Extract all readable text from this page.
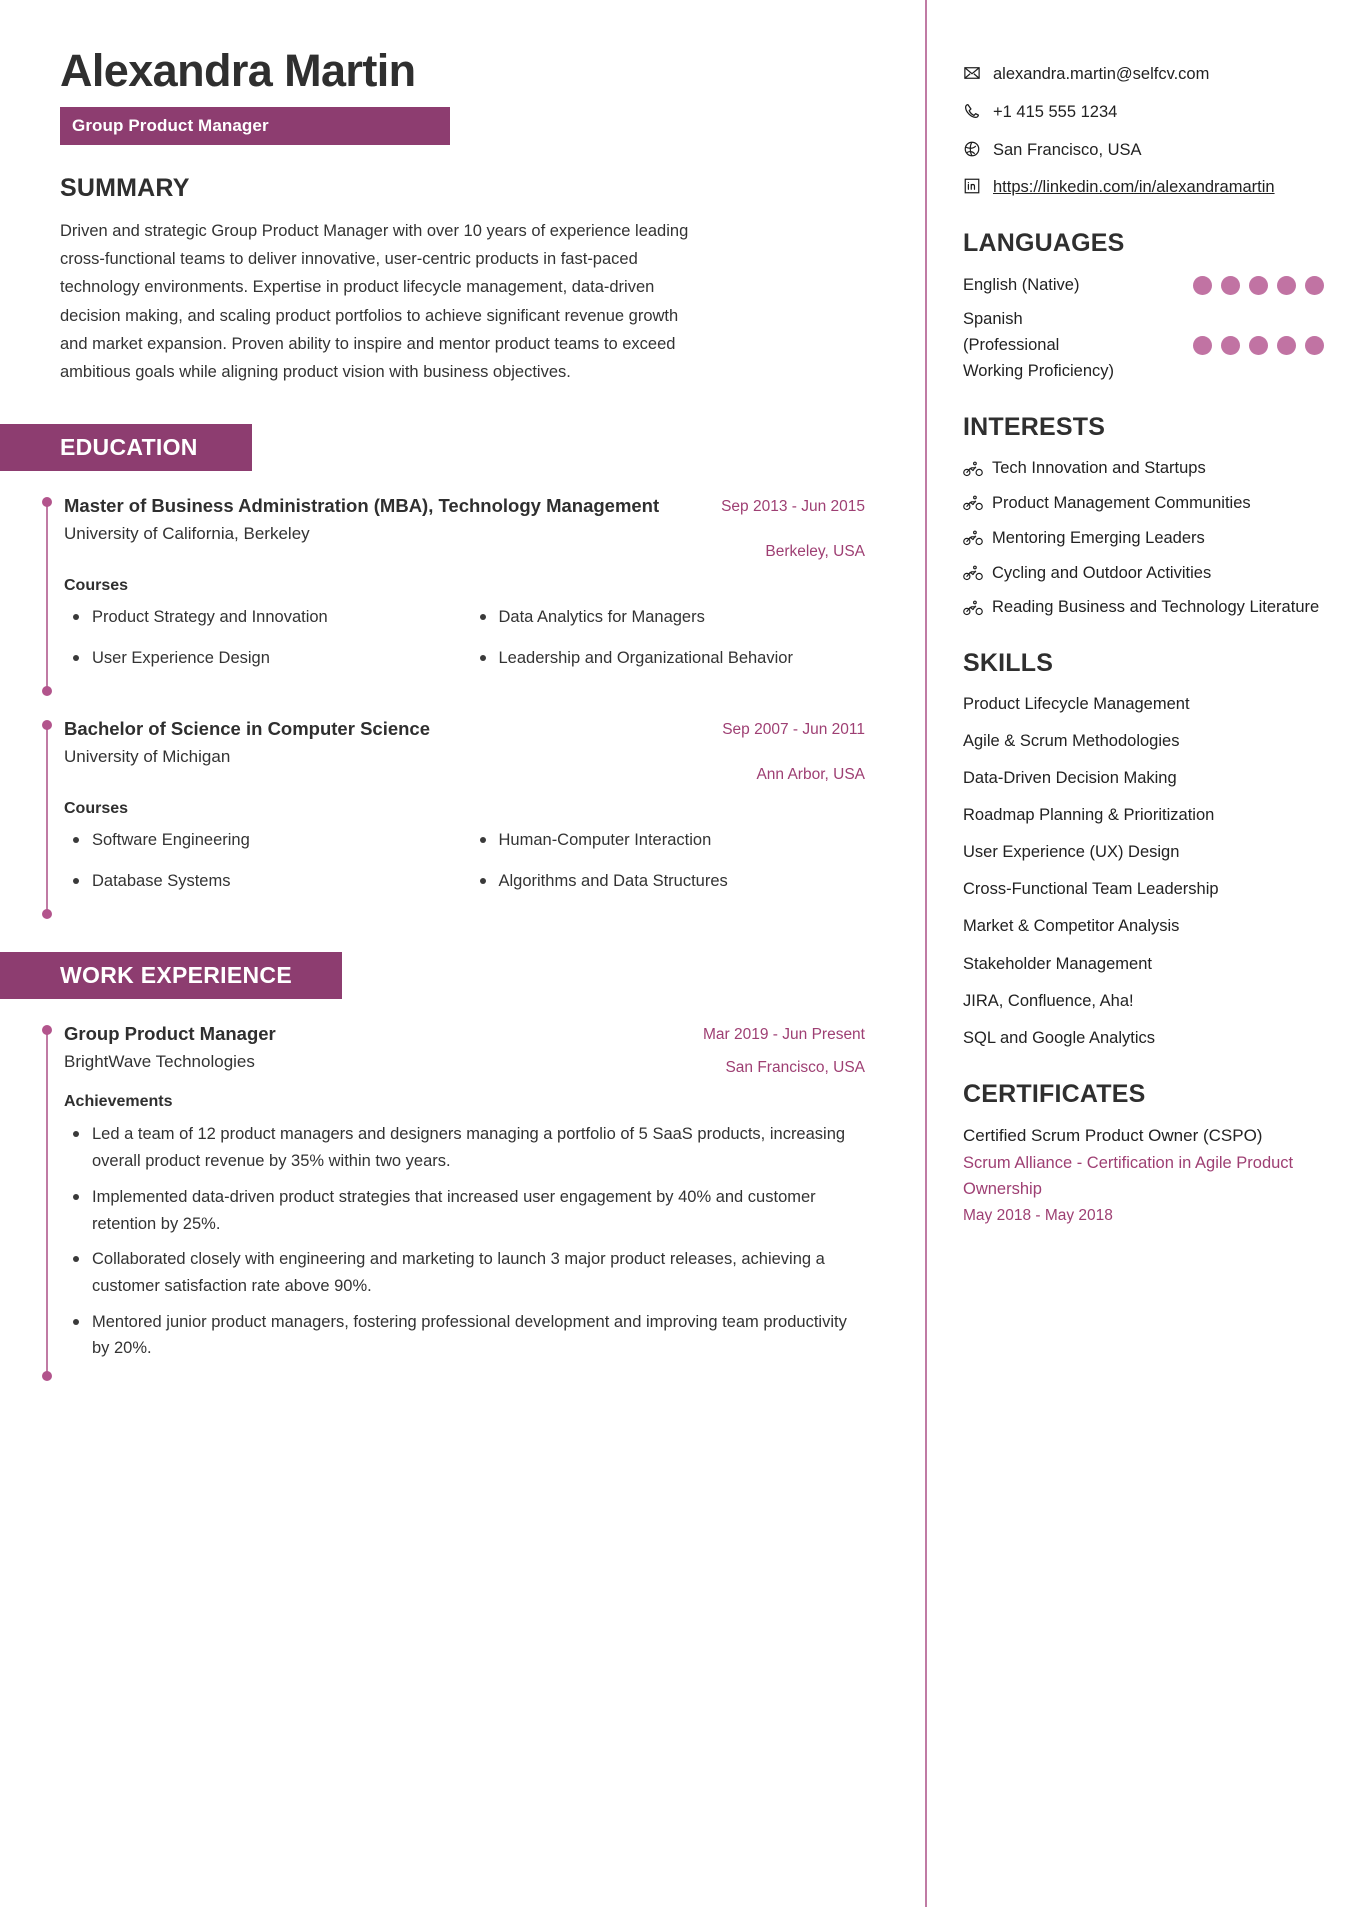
Alexandra Martin
Group Product Manager
SUMMARY

Driven and strategic Group Product Manager with over 10 years of experience leading cross-functional teams to deliver innovative, user-centric products in fast-paced technology environments. Expertise in product lifecycle management, data-driven decision making, and scaling product portfolios to achieve significant revenue growth and market expansion. Proven ability to inspire and mentor product teams to exceed ambitious goals while aligning product vision with business objectives.

EDUCATION
Master of Business Administration (MBA), Technology Management
University of California, Berkeley
Sep 2013 - Jun 2015
Berkeley, USA
Courses
Product Strategy and Innovation	Data Analytics for Managers
User Experience Design	Leadership and Organizational Behavior
Bachelor of Science in Computer Science
University of Michigan
Sep 2007 - Jun 2011
Ann Arbor, USA
Courses
Software Engineering	Human-Computer Interaction
Database Systems	Algorithms and Data Structures
WORK EXPERIENCE
Group Product Manager
BrightWave Technologies
Mar 2019 - Jun Present
San Francisco, USA
Achievements
Led a team of 12 product managers and designers managing a portfolio of 5 SaaS products, increasing overall product revenue by 35% within two years.
Implemented data-driven product strategies that increased user engagement by 40% and customer retention by 25%.
Collaborated closely with engineering and marketing to launch 3 major product releases, achieving a customer satisfaction rate above 90%.
Mentored junior product managers, fostering professional development and improving team productivity by 20%.
alexandra.martin@selfcv.com
+1 415 555 1234
San Francisco, USA
https://linkedin.com/in/alexandramartin
LANGUAGES
English (Native)
Spanish (Professional Working Proficiency)
INTERESTS
Tech Innovation and Startups
Product Management Communities
Mentoring Emerging Leaders
Cycling and Outdoor Activities
Reading Business and Technology Literature
SKILLS
Product Lifecycle Management
Agile & Scrum Methodologies
Data-Driven Decision Making
Roadmap Planning & Prioritization
User Experience (UX) Design
Cross-Functional Team Leadership
Market & Competitor Analysis
Stakeholder Management
JIRA, Confluence, Aha!
SQL and Google Analytics
CERTIFICATES
Certified Scrum Product Owner (CSPO)
Scrum Alliance - Certification in Agile Product Ownership
May 2018 - May 2018
